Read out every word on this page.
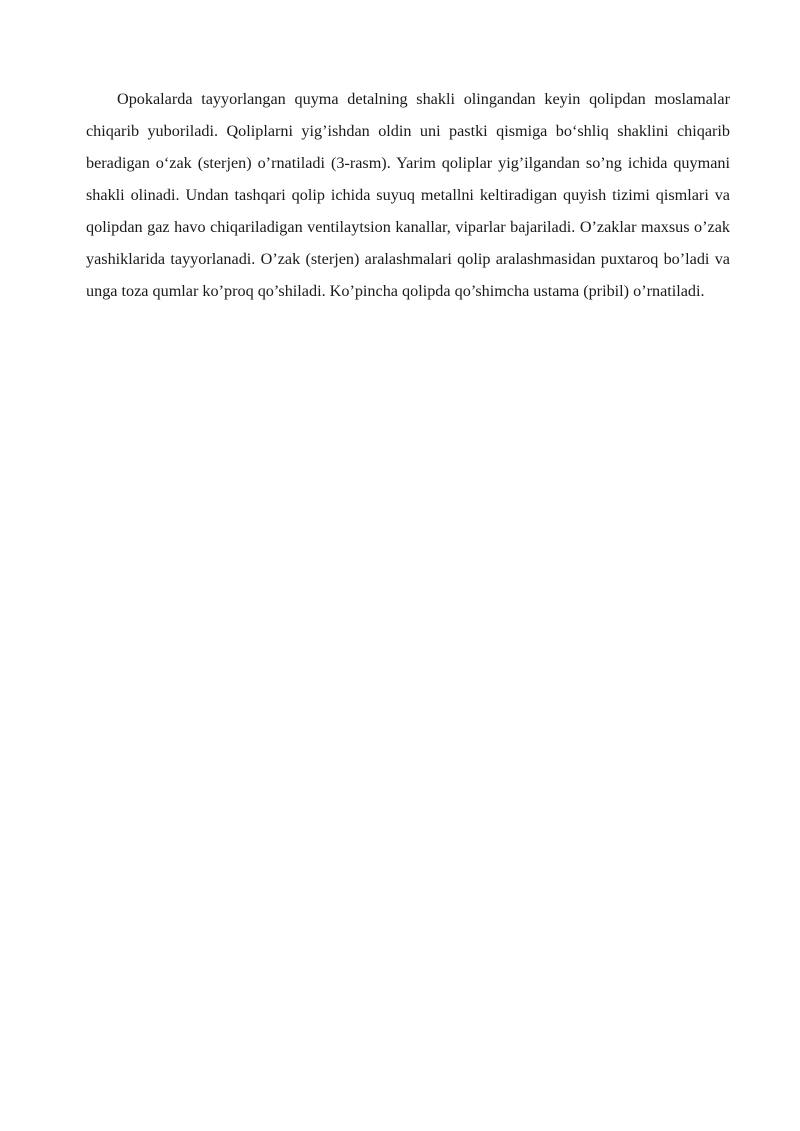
Opokalarda tayyorlangan quyma detalning shakli olingandan keyin qolipdan moslamalar chiqarib yuboriladi. Qoliplarni yig’ishdan oldin uni pastki qismiga bo‘shliq shaklini chiqarib beradigan o‘zak (sterjen) o’rnatiladi (3-rasm). Yarim qoliplar yig’ilgandan so’ng ichida quymani shakli olinadi. Undan tashqari qolip ichida suyuq metallni keltiradigan quyish tizimi qismlari va qolipdan gaz havo chiqariladigan ventilaytsion kanallar, viparlar bajariladi. O’zaklar maxsus o’zak yashiklarida tayyorlanadi. O’zak (sterjen) aralashmalari qolip aralashmasidan puxtaroq bo’ladi va unga toza qumlar ko’proq qo’shiladi. Ko’pincha qolipda qo’shimcha ustama (pribil) o’rnatiladi.
